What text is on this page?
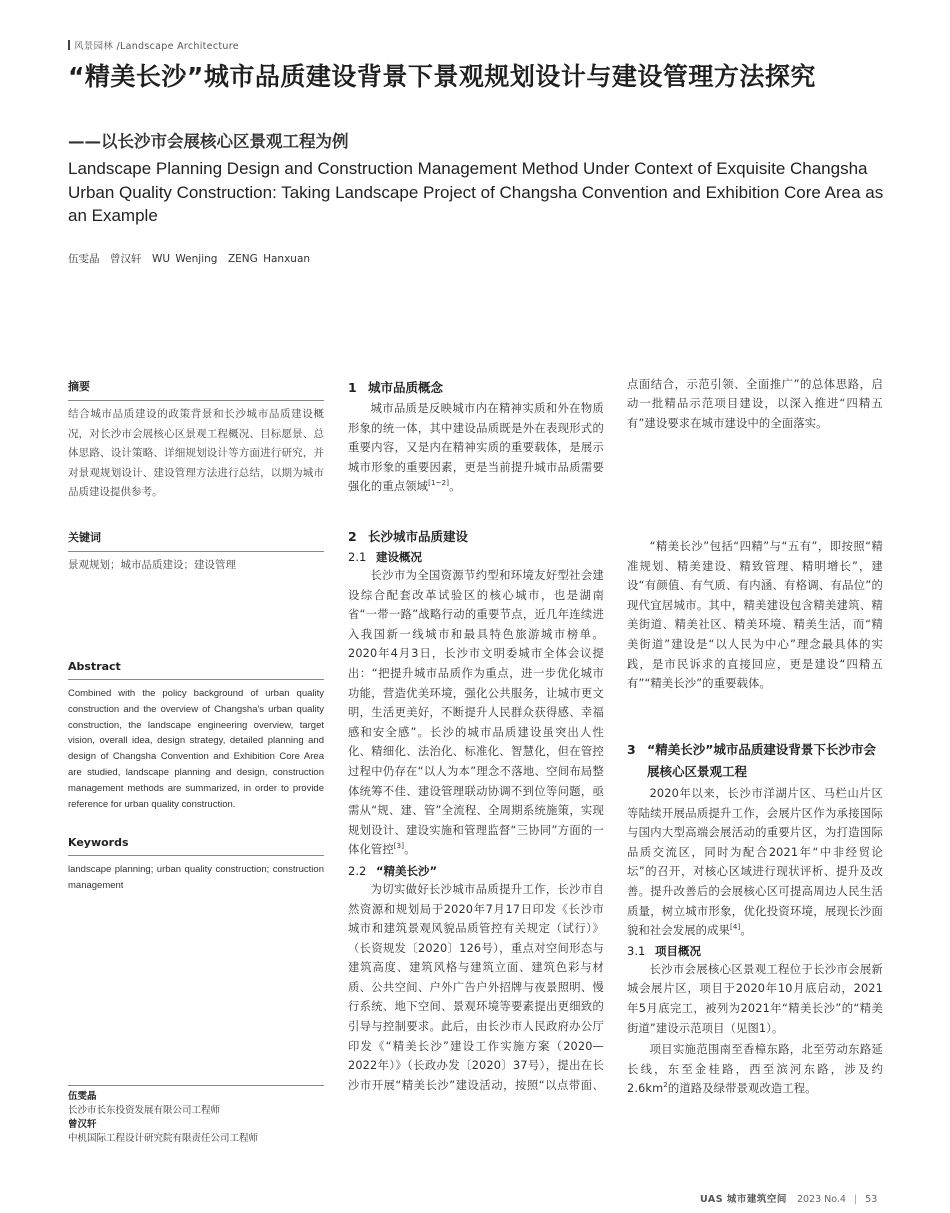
风景园林 /Landscape Architecture
“精美长沙”城市品质建设背景下景观规划设计与建设管理方法探究
——以长沙市会展核心区景观工程为例
Landscape Planning Design and Construction Management Method Under Context of Exquisite Changsha Urban Quality Construction: Taking Landscape Project of Changsha Convention and Exhibition Core Area as an Example
伍雯晶　曾汉轩　WU Wenjing　ZENG Hanxuan
摘要
结合城市品质建设的政策背景和长沙城市品质建设概况，对长沙市会展核心区景观工程概况、目标愿景、总体思路、设计策略、详细规划设计等方面进行研究，并对景观规划设计、建设管理方法进行总结，以期为城市品质建设提供参考。
关键词
景观规划；城市品质建设；建设管理
Abstract
Combined with the policy background of urban quality construction and the overview of Changsha's urban quality construction, the landscape engineering overview, target vision, overall idea, design strategy, detailed planning and design of Changsha Convention and Exhibition Core Area are studied, landscape planning and design, construction management methods are summarized, in order to provide reference for urban quality construction.
Keywords
landscape planning; urban quality construction; construction management
伍雯晶
长沙市长东投资发展有限公司工程师
曾汉轩
中机国际工程设计研究院有限责任公司工程师
1 城市品质概念

城市品质是反映城市内在精神实质和外在物质形象的统一体，其中建设品质既是外在表现形式的重要内容，又是内在精神实质的重要载体，是展示城市形象的重要因素，更是当前提升城市品质需要强化的重点领域[1~2]。

2 长沙城市品质建设
2.1 建设概况

长沙市为全国资源节约型和环境友好型社会建设综合配套改革试验区的核心城市，也是湖南省“一带一路”战略行动的重要节点，近几年连续进入我国新一线城市和最具特色旅游城市榜单。2020年4月3日，长沙市文明委城市全体会议提出：“把提升城市品质作为重点，进一步优化城市功能，营造优美环境，强化公共服务，让城市更文明，生活更美好，不断提升人民群众获得感、幸福感和安全感”。长沙的城市品质建设虽突出人性化、精细化、法治化、标准化、智慧化，但在管控过程中仍存在“以人为本”理念不落地、空间布局整体统筹不佳、建设管理联动协调不到位等问题，亟需从“规、建、管”全流程、全周期系统施策，实现规划设计、建设实施和管理监督“三协同”方面的一体化管控[3]。

2.2 “精美长沙”

为切实做好长沙城市品质提升工作，长沙市自然资源和规划局于2020年7月17日印发《长沙市城市和建筑景观风貌品质管控有关规定（试行）》（长资规发〔2020〕126号），重点对空间形态与建筑高度、建筑风格与建筑立面、建筑色彩与材质、公共空间、户外广告户外招牌与夜景照明、慢行系统、地下空间、景观环境等要素提出更细致的引导与控制要求。此后，由长沙市人民政府办公厅印发《“精美长沙”建设工作实施方案（2020—2022年）》（长政办发〔2020〕37号），提出在长沙市开展“精美长沙”建设活动，按照“以点带面、

点面结合，示范引领、全面推广”的总体思路，启动一批精品示范项目建设，以深入推进“四精五有”建设要求在城市建设中的全面落实。

“精美长沙”包括“四精”与“五有”，即按照“精准规划、精美建设、精致管理、精明增长”，建设“有颜值、有气质、有内涵、有格调、有品位”的现代宜居城市。其中，精美建设包含精美建筑、精美街道、精美社区、精美环境、精美生活，而“精美街道”建设是“以人民为中心”理念最具体的实践，是市民诉求的直接回应，更是建设“四精五有”“精美长沙”的重要载体。

3 “精美长沙”城市品质建设背景下长沙市会展核心区景观工程

2020年以来，长沙市洋湖片区、马栏山片区等陆续开展品质提升工作，会展片区作为承接国际与国内大型高端会展活动的重要片区，为打造国际品质交流区，同时为配合2021年“中非经贸论坛”的召开，对核心区域进行现状评析、提升及改善。提升改善后的会展核心区可提高周边人民生活质量，树立城市形象，优化投资环境，展现长沙面貌和社会发展的成果[4]。

3.1 项目概况

长沙市会展核心区景观工程位于长沙市会展新城会展片区，项目于2020年10月底启动，2021年5月底完工，被列为2021年“精美长沙”的“精美街道”建设示范项目（见图1）。

项目实施范围南至香樟东路，北至劳动东路延长线，东至金桂路，西至滨河东路，涉及约$2.6km^2$的道路及绿带景观改造工程。

UAS 城市建筑空间 2023 No.4 | 53
